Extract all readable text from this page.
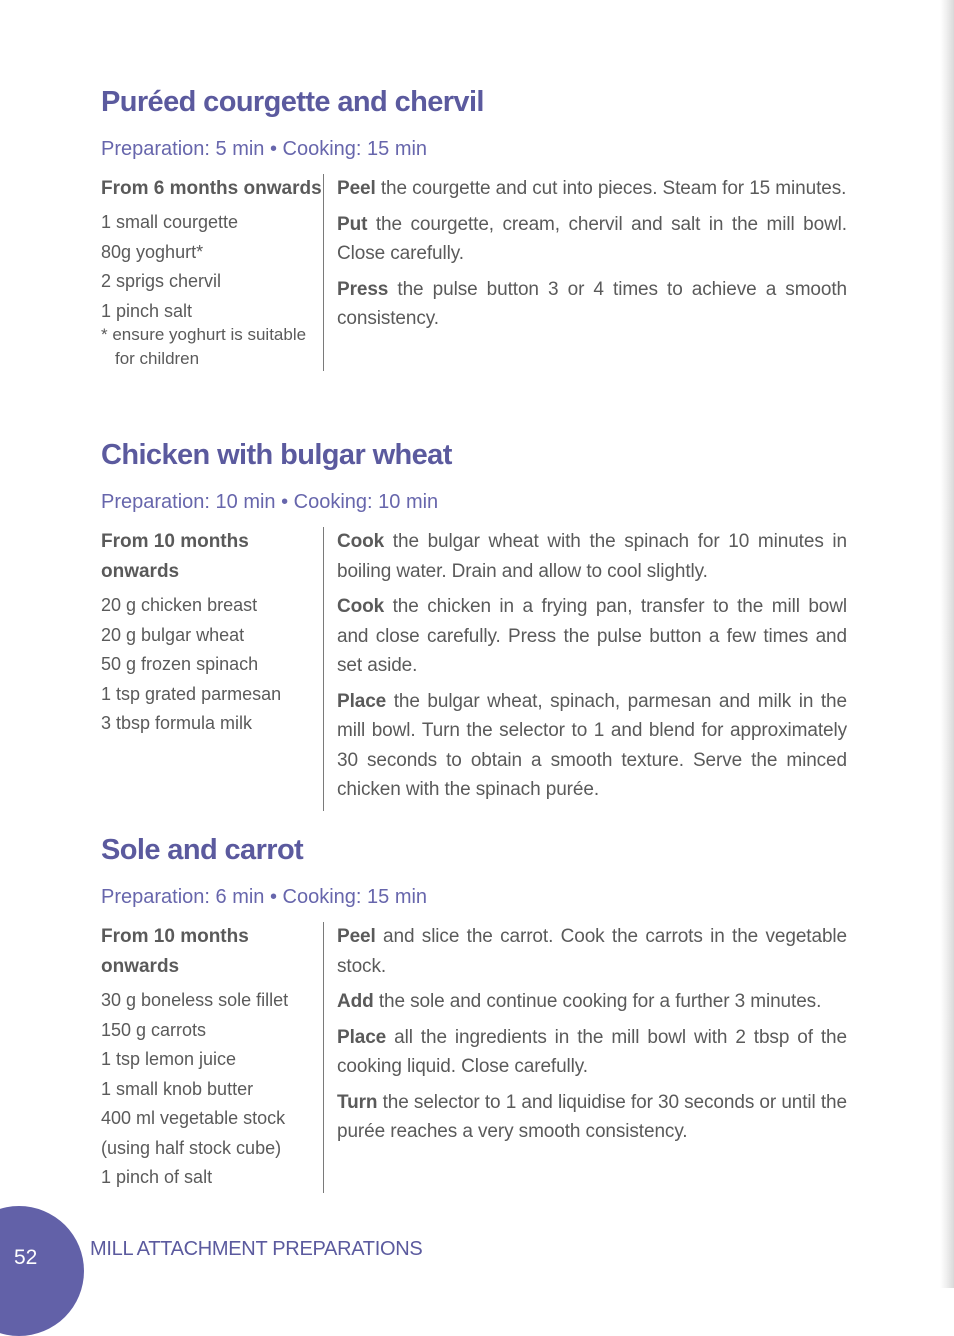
Puréed courgette and chervil
Preparation: 5 min • Cooking: 15 min
From 6 months onwards
1 small courgette
80g yoghurt*
2 sprigs chervil
1 pinch salt
* ensure yoghurt is suitable for children

Peel the courgette and cut into pieces. Steam for 15 minutes.

Put the courgette, cream, chervil and salt in the mill bowl. Close carefully.

Press the pulse button 3 or 4 times to achieve a smooth consistency.

Chicken with bulgar wheat
Preparation: 10 min • Cooking: 10 min
From 10 months onwards
20 g chicken breast
20 g bulgar wheat
50 g frozen spinach
1 tsp grated parmesan
3 tbsp formula milk

Cook the bulgar wheat with the spinach for 10 minutes in boiling water. Drain and allow to cool slightly.

Cook the chicken in a frying pan, transfer to the mill bowl and close carefully. Press the pulse button a few times and set aside.

Place the bulgar wheat, spinach, parmesan and milk in the mill bowl. Turn the selector to 1 and blend for approximately 30 seconds to obtain a smooth texture. Serve the minced chicken with the spinach purée.

Sole and carrot
Preparation: 6 min • Cooking: 15 min
From 10 months onwards
30 g boneless sole fillet
150 g carrots
1 tsp lemon juice
1 small knob butter
400 ml vegetable stock
(using half stock cube)
1 pinch of salt

Peel and slice the carrot. Cook the carrots in the vegetable stock.

Add the sole and continue cooking for a further 3 minutes.

Place all the ingredients in the mill bowl with 2 tbsp of the cooking liquid. Close carefully.

Turn the selector to 1 and liquidise for 30 seconds or until the purée reaches a very smooth consistency.

52	MILL ATTACHMENT PREPARATIONS
